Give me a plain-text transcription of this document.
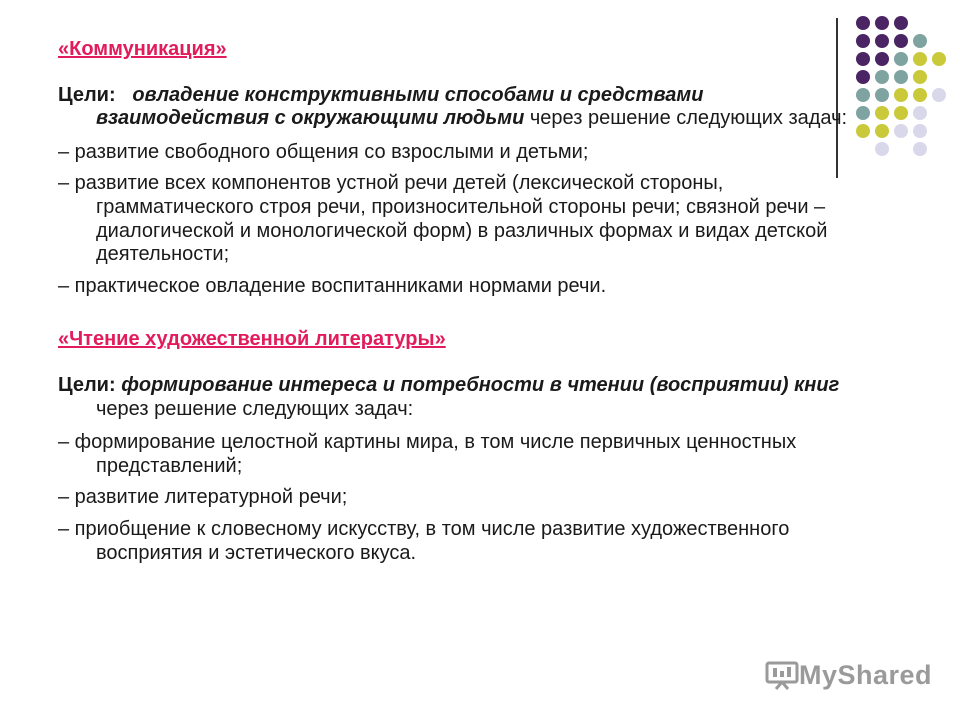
«Коммуникация»

Цели: овладение конструктивными способами и средствами взаимодействия с окружающими людьми через решение следующих задач:
– развитие свободного общения со взрослыми и детьми;
– развитие всех компонентов устной речи детей (лексической стороны, грамматического строя речи, произносительной стороны речи; связной речи – диалогической и монологической форм) в различных формах и видах детской деятельности;
– практическое овладение воспитанниками нормами речи.

«Чтение художественной литературы»

Цели: формирование интереса и потребности в чтении (восприятии) книг через решение следующих задач:
– формирование целостной картины мира, в том числе первичных ценностных представлений;
– развитие литературной речи;
– приобщение к словесному искусству, в том числе развитие художественного восприятия и эстетического вкуса.
MyShared
